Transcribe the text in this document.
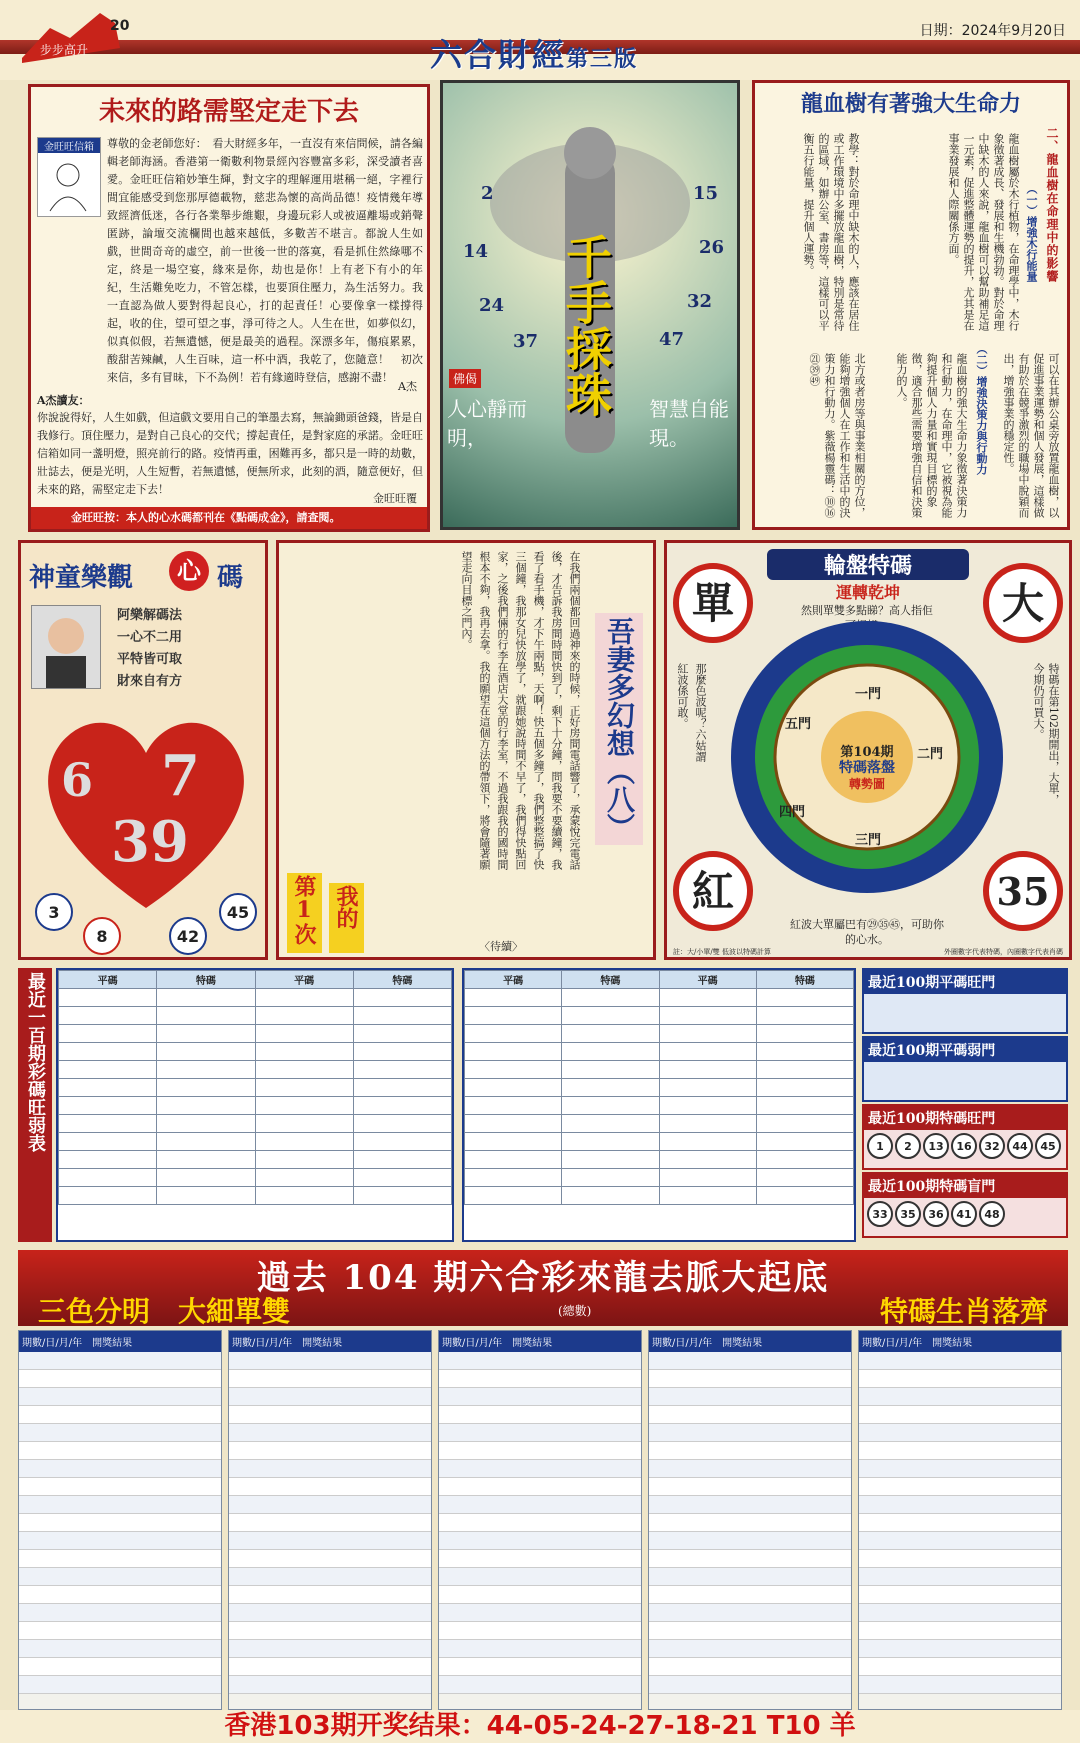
步步高升
20
六合財經第三版
日期：2024年9月20日
未來的路需堅定走下去
金旺旺信箱	尊敬的金老師您好：　看大財經多年，一直沒有來信問候，請各編輯老師海涵。香港第一衛數利物景經內容豐富多彩，深受讀者喜愛。金旺旺信箱妙筆生輝，對文字的理解運用堪稱一絕，字裡行間宜能感受到您那厚德載物，慈悲為懷的高尚品德！疫情幾年導致經濟低迷，各行各業舉步維艱，身邊玩彩人或被逼離場或銷聲匿跡，論壇交流欄間也越來越低，多數苦不堪言。都說人生如戲，世間奇竒的虛空，前一世後一世的落寞，看是抓住然綠哪不定，終是一場空宴，緣來是你，劫也是你！上有老下有小的年紀，生活難免吃力，不管怎樣，也要頂住壓力，為生活努力。我一直認為做人要對得起良心，打的起責任！心要像拿一樣撐得起，收的住，望可望之事，淨可待之人。人生在世，如夢似幻，似真似假，若無遺憾，便是最美的過程。深漂多年，傷痕累累，酸甜苦辣鹹，人生百味，這一杯中酒，我乾了，您隨意！　初次來信，多有冒昧，下不為例！若有緣適時登信，感謝不盡！
A杰
A杰讀友：
你說說得好，人生如戲，但這戲文要用自己的筆墨去寫，無論鋤頭爸錢，皆是自我修行。頂住壓力，是對自己良心的交代；撐起責任，是對家庭的承諾。金旺旺信箱如同一盞明燈，照亮前行的路。疫情再重，困難再多，都只是一時的劫數，壯誌去，便是光明，人生短暫，若無遺憾，便無所求，此刻的酒，隨意便好，但未來的路，需堅定走下去！
金旺旺覆
金旺旺按：本人的心水碼都刊在《點碼成金》，請查閱。
千手採珠
佛偈
人心靜而明，
智慧自能現。
2
14
24
37
15
26
32
47
龍血樹有著強大生命力
二、龍血樹在命理中的影響
（一）增強木行能量
龍血樹屬於木行植物，在命理學中，木行象徵著成長、發展和生機勃勃。對於命理中缺木的人來說，龍血樹可以幫助補足這一元素，促進整體運勢的提升，尤其是在事業發展和人際關係方面。
教學：對於命理中缺木的人，應該在居住或工作環境中多擺放龍血樹，特別是常待的區域，如辦公室、書房等，這樣可以平衡五行能量，提升個人運勢。
可以在其辦公桌旁放置龍血樹，以促進事業運勢和個人發展，這樣做有助於在競爭激烈的職場中脫穎而出，增強事業的穩定性。
（二）增強決策力與行動力
龍血樹的強大生命力象徵著決策力和行動力，在命理中，它被視為能夠提升個人力量和實現目標的象徵，適合那些需要增強自信和決策能力的人。
北方或者房等與事業相關的方位，能夠增強個人在工作和生活中的決策力和行動力。紫薇楊靈碼：⑩⑯㉑㊴㊾
神童樂觀	心 碼
阿樂解碼法
一心不二用
平特皆可取
財來自有方
6 7
39
3
8	42
45
吾妻多幻想（八）
在我們兩個都回過神來的時候，正好房間電話響了，承蒙悅完電話後，才告訴我房間時間快到了，剩下十分鐘，問我要不要續鐘，我看了看手機，才下午兩點，天啊！快五個多鐘了，我們整整搞了快三個鐘，我那女兒快放學了，就跟她說時間不早了，我們得快點回家，之後我們倆的行李在酒店大堂的行李室，不過我跟我的國時間根本不夠，我再去拿。我的願望在這個方法的帶領下，將會隨著願望走向目標之門內。
第1次 我的
〈待續〉
輪盤特碼
運轉乾坤
單	大
紅	35
然則單雙多點睇？高人指佢
紅波係可敢。 那麼色波呢？六姑謂	特碼在第102期開出，大單，今期仍可買大。
第104期
特碼落盤
轉勢圖
一門
二門
三門
四門
五門
紅波大單屬巴有㉙㉟㊺，可助你的心水。
註：大/小單/雙 低波以特碼計算	外圈數字代表特碼，內圈數字代表肖碼
最近一百期彩碼旺弱表	平碼	特碼	平碼	特碼

				平碼	特碼	平碼	特碼

				最近100期平碼旺門
最近100期平碼弱門
最近100期特碼旺門
1 2 13 16 32 44 45
最近100期特碼盲門
33 35 36 41 48
過去 104 期六合彩來龍去脈大起底
三色分明　大細單雙	(總數)	特碼生肖落齊
期數/日/月/年　開獎結果	期數/日/月/年　開獎結果	期數/日/月/年　開獎結果	期數/日/月/年　開獎結果	期數/日/月/年　開獎結果
香港103期开奖结果：44-05-24-27-18-21 T10 羊
